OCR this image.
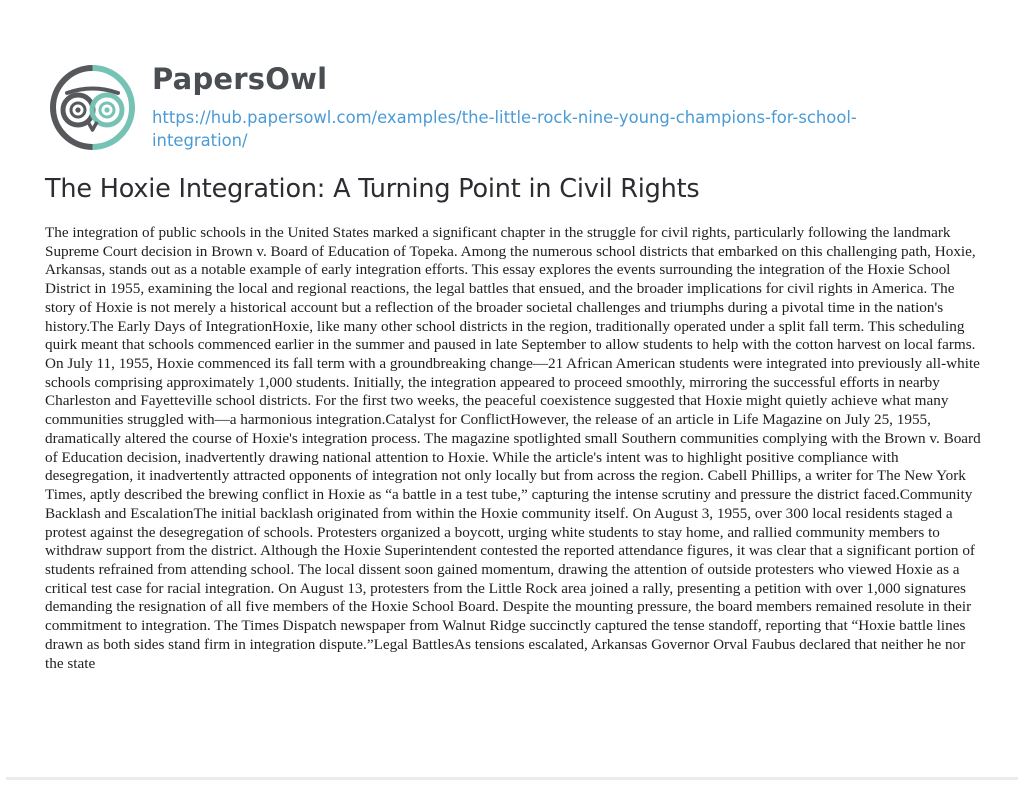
PapersOwl
https://hub.papersowl.com/examples/the-little-rock-nine-young-champions-for-school-integration/
The Hoxie Integration: A Turning Point in Civil Rights

The integration of public schools in the United States marked a significant chapter in the struggle for civil rights, particularly following the landmark Supreme Court decision in Brown v. Board of Education of Topeka. Among the numerous school districts that embarked on this challenging path, Hoxie, Arkansas, stands out as a notable example of early integration efforts. This essay explores the events surrounding the integration of the Hoxie School District in 1955, examining the local and regional reactions, the legal battles that ensued, and the broader implications for civil rights in America. The story of Hoxie is not merely a historical account but a reflection of the broader societal challenges and triumphs during a pivotal time in the nation's history.The Early Days of IntegrationHoxie, like many other school districts in the region, traditionally operated under a split fall term. This scheduling quirk meant that schools commenced earlier in the summer and paused in late September to allow students to help with the cotton harvest on local farms. On July 11, 1955, Hoxie commenced its fall term with a groundbreaking change—21 African American students were integrated into previously all-white schools comprising approximately 1,000 students. Initially, the integration appeared to proceed smoothly, mirroring the successful efforts in nearby Charleston and Fayetteville school districts. For the first two weeks, the peaceful coexistence suggested that Hoxie might quietly achieve what many communities struggled with—a harmonious integration.Catalyst for ConflictHowever, the release of an article in Life Magazine on July 25, 1955, dramatically altered the course of Hoxie's integration process. The magazine spotlighted small Southern communities complying with the Brown v. Board of Education decision, inadvertently drawing national attention to Hoxie. While the article's intent was to highlight positive compliance with desegregation, it inadvertently attracted opponents of integration not only locally but from across the region. Cabell Phillips, a writer for The New York Times, aptly described the brewing conflict in Hoxie as “a battle in a test tube,” capturing the intense scrutiny and pressure the district faced.Community Backlash and EscalationThe initial backlash originated from within the Hoxie community itself. On August 3, 1955, over 300 local residents staged a protest against the desegregation of schools. Protesters organized a boycott, urging white students to stay home, and rallied community members to withdraw support from the district. Although the Hoxie Superintendent contested the reported attendance figures, it was clear that a significant portion of students refrained from attending school. The local dissent soon gained momentum, drawing the attention of outside protesters who viewed Hoxie as a critical test case for racial integration. On August 13, protesters from the Little Rock area joined a rally, presenting a petition with over 1,000 signatures demanding the resignation of all five members of the Hoxie School Board. Despite the mounting pressure, the board members remained resolute in their commitment to integration. The Times Dispatch newspaper from Walnut Ridge succinctly captured the tense standoff, reporting that “Hoxie battle lines drawn as both sides stand firm in integration dispute.”Legal BattlesAs tensions escalated, Arkansas Governor Orval Faubus declared that neither he nor the state
